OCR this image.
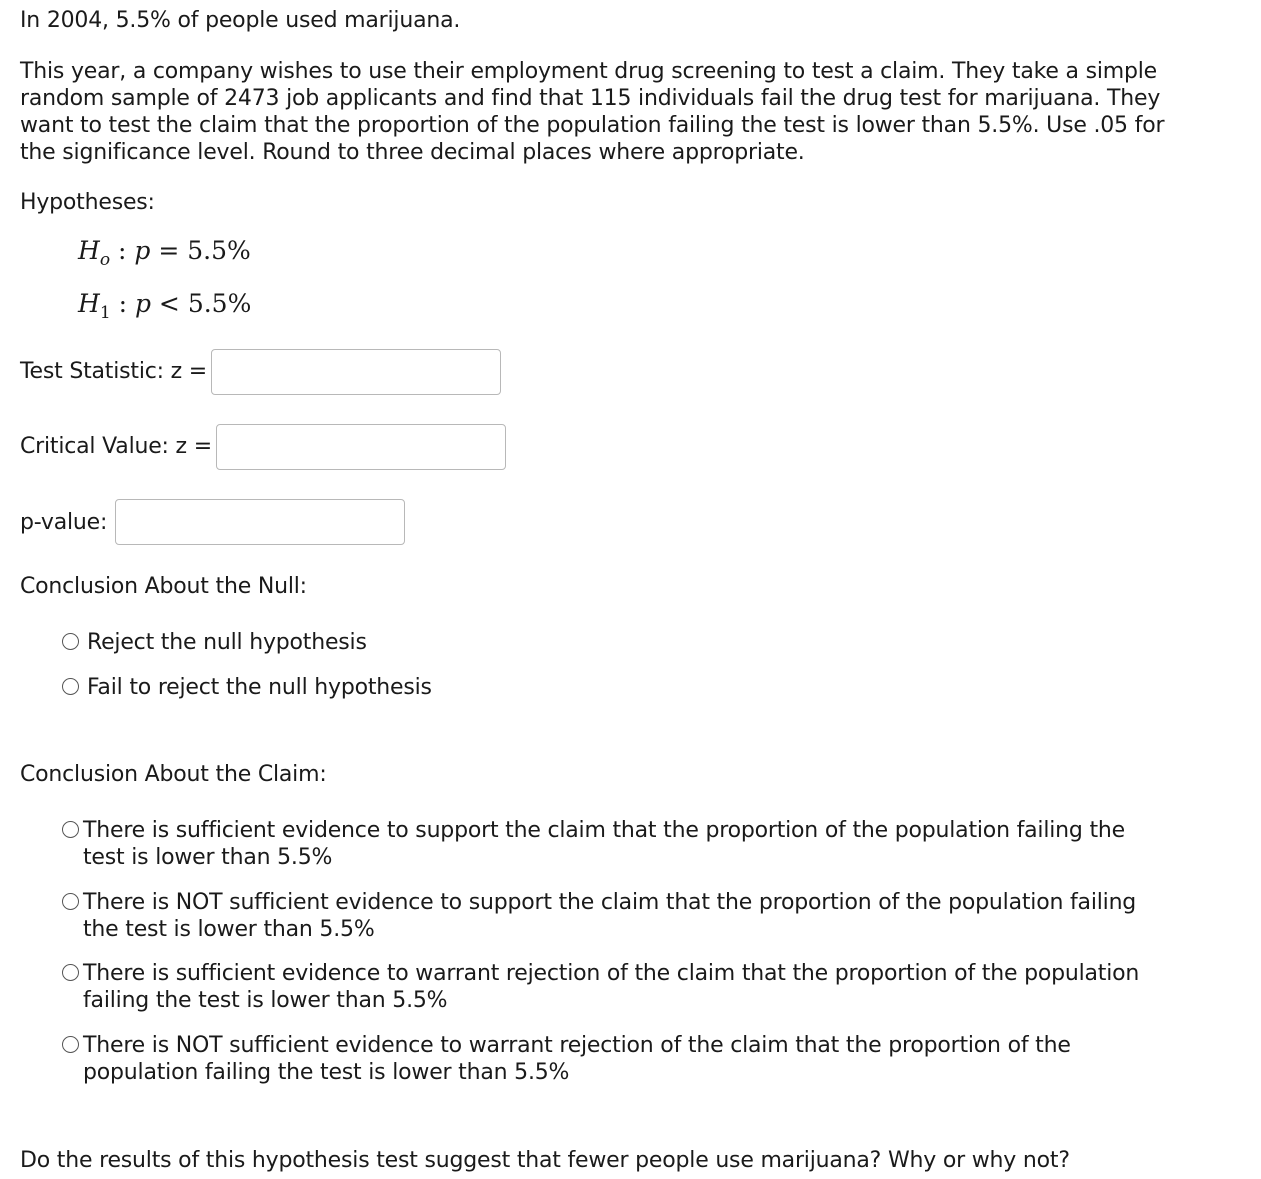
In 2004, 5.5% of people used marijuana.
This year, a company wishes to use their employment drug screening to test a claim. They take a simple random sample of 2473 job applicants and find that 115 individuals fail the drug test for marijuana. They want to test the claim that the proportion of the population failing the test is lower than 5.5%. Use .05 for the significance level. Round to three decimal places where appropriate.
Hypotheses:
$H_o$ : p = 5.5%
$H_1$ : p < 5.5%
Test Statistic: z =
Critical Value: z =
p-value:
Conclusion About the Null:
Reject the null hypothesis
Fail to reject the null hypothesis
Conclusion About the Claim:
There is sufficient evidence to support the claim that the proportion of the population failing the test is lower than 5.5%
There is NOT sufficient evidence to support the claim that the proportion of the population failing the test is lower than 5.5%
There is sufficient evidence to warrant rejection of the claim that the proportion of the population failing the test is lower than 5.5%
There is NOT sufficient evidence to warrant rejection of the claim that the proportion of the population failing the test is lower than 5.5%
Do the results of this hypothesis test suggest that fewer people use marijuana? Why or why not?
